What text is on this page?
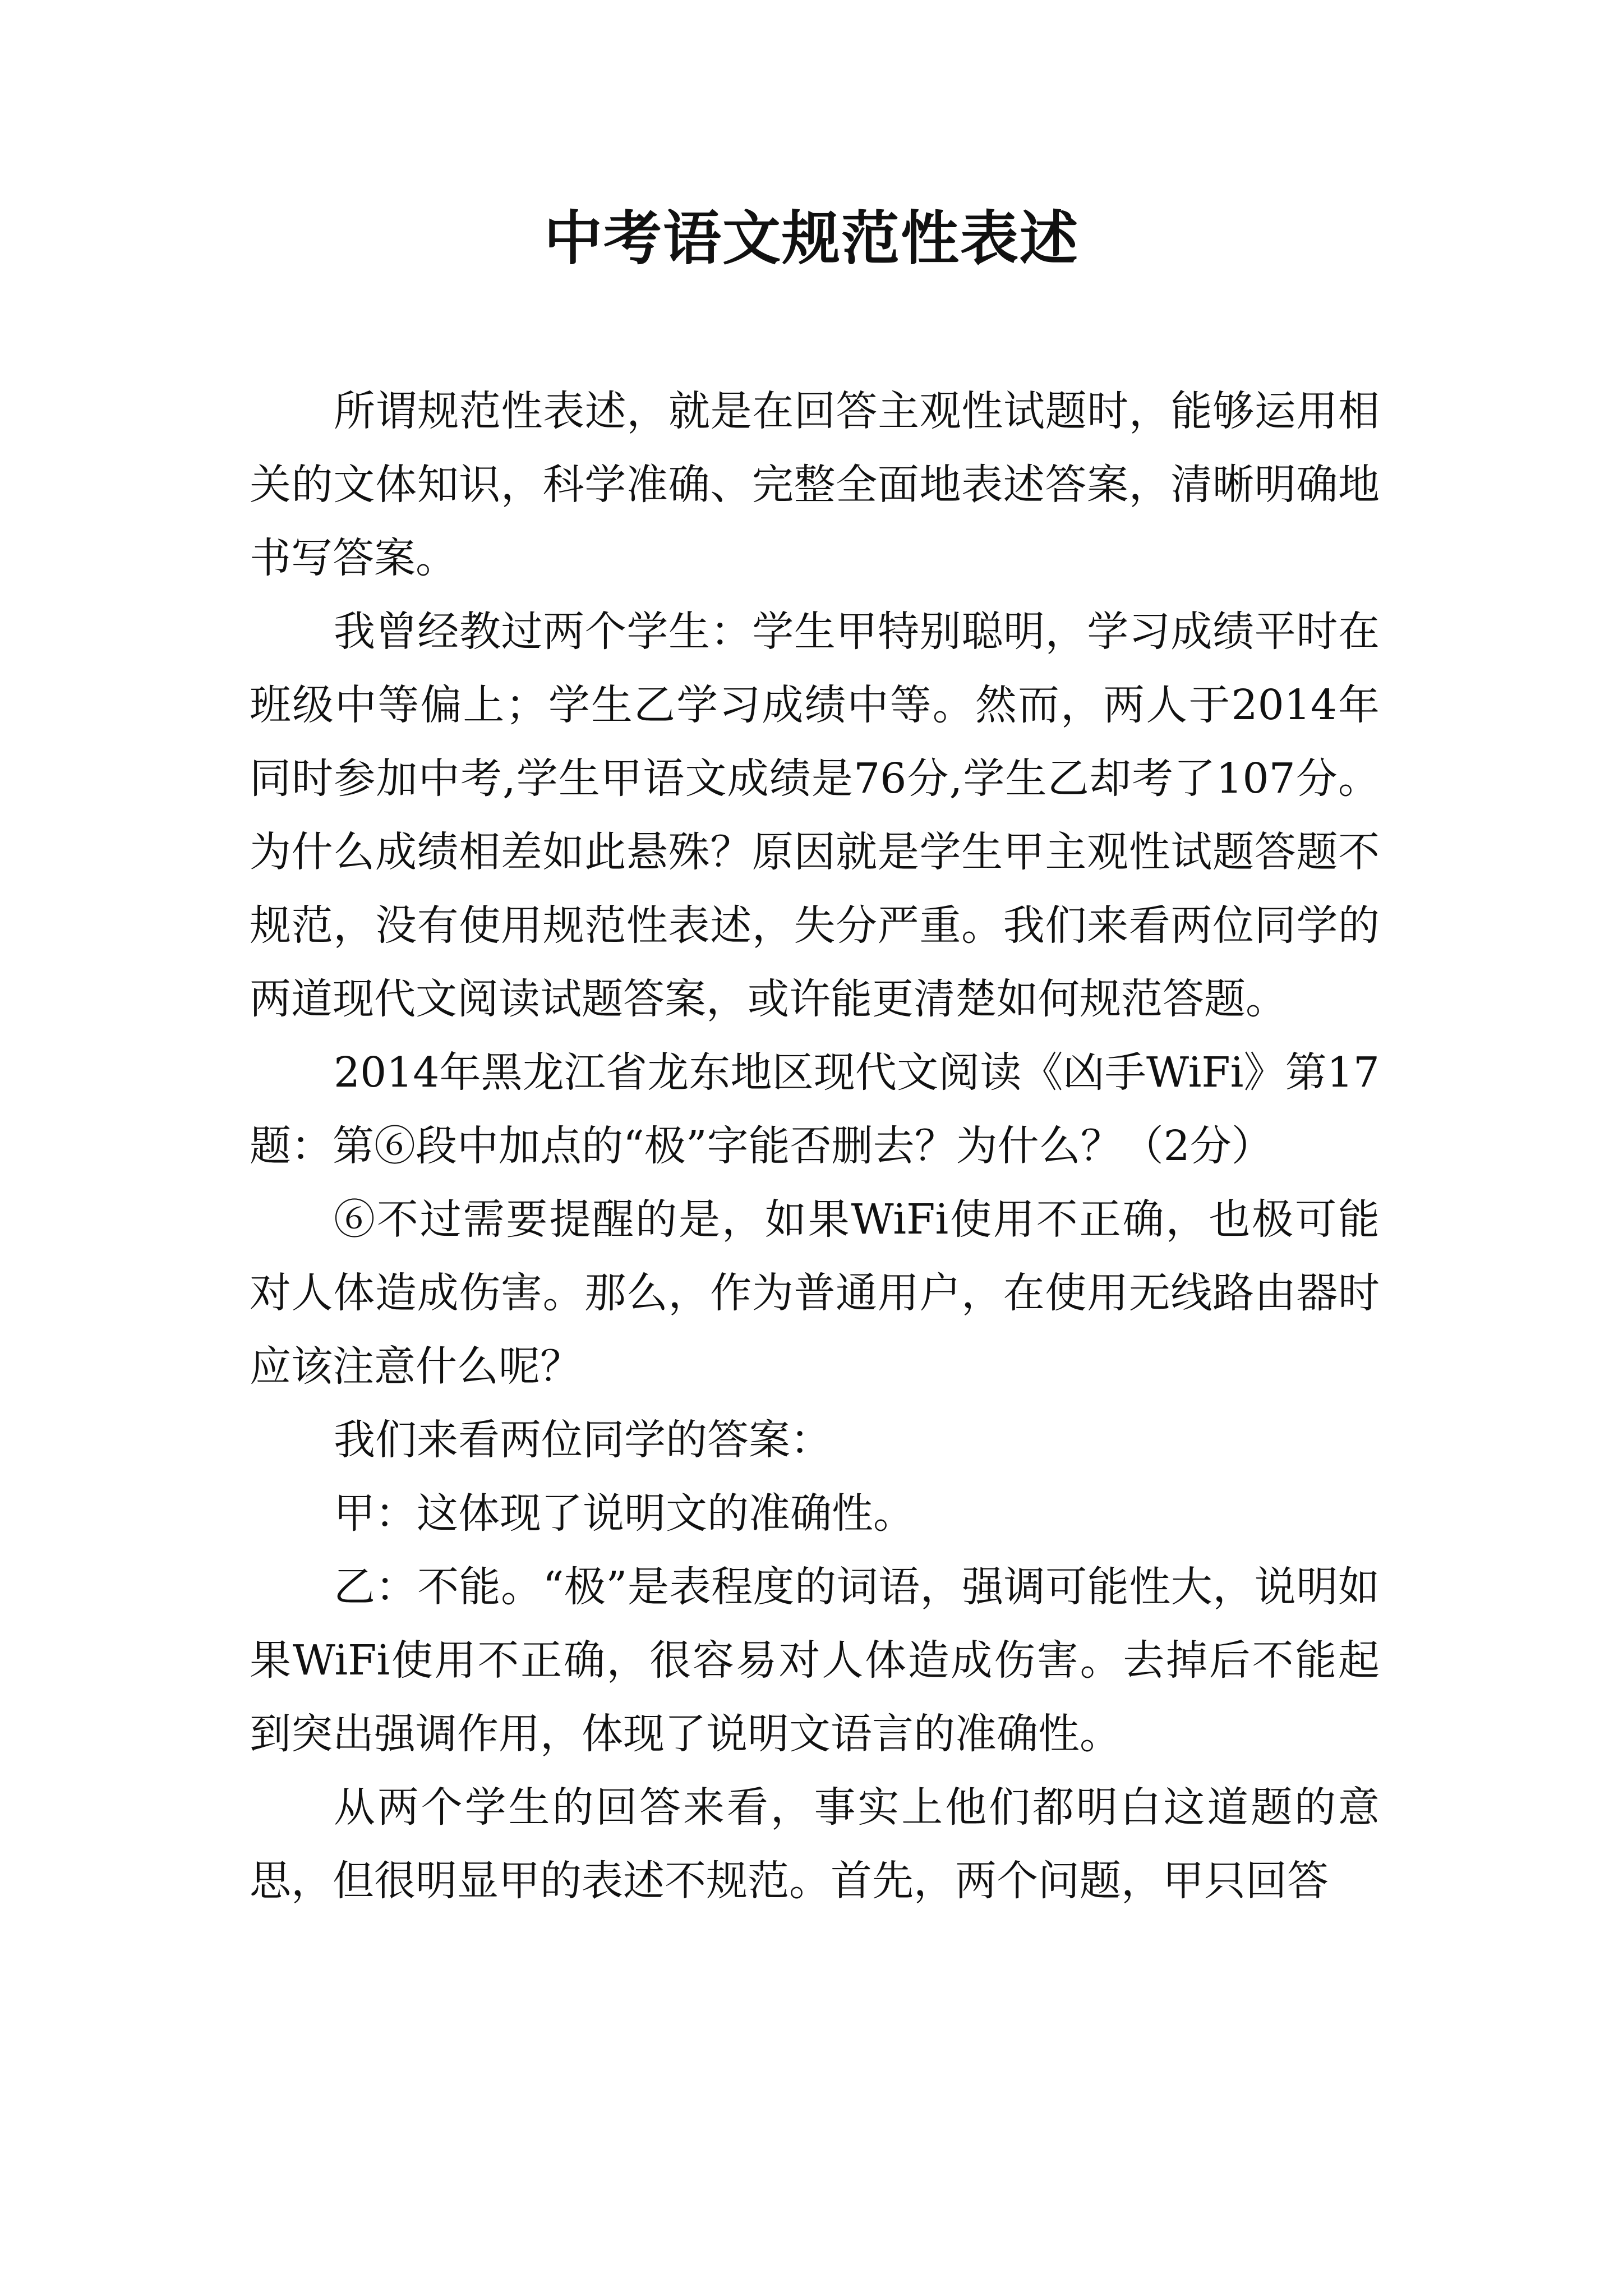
中考语文规范性表述

所谓规范性表述，就是在回答主观性试题时，能够运用相关的文体知识，科学准确、完整全面地表述答案，清晰明确地书写答案。

我曾经教过两个学生：学生甲特别聪明，学习成绩平时在班级中等偏上；学生乙学习成绩中等。然而，两人于2014年同时参加中考,学生甲语文成绩是76分,学生乙却考了107分。为什么成绩相差如此悬殊？原因就是学生甲主观性试题答题不规范，没有使用规范性表述，失分严重。我们来看两位同学的两道现代文阅读试题答案，或许能更清楚如何规范答题。

2014年黑龙江省龙东地区现代文阅读《凶手WiFi》第17题：第⑥段中加点的“极”字能否删去？为什么？（2分）

⑥不过需要提醒的是，如果WiFi使用不正确，也极可能对人体造成伤害。那么，作为普通用户，在使用无线路由器时应该注意什么呢？

我们来看两位同学的答案：

甲：这体现了说明文的准确性。

乙：不能。“极”是表程度的词语，强调可能性大，说明如果WiFi使用不正确，很容易对人体造成伤害。去掉后不能起到突出强调作用，体现了说明文语言的准确性。

从两个学生的回答来看，事实上他们都明白这道题的意思，但很明显甲的表述不规范。首先，两个问题，甲只回答
